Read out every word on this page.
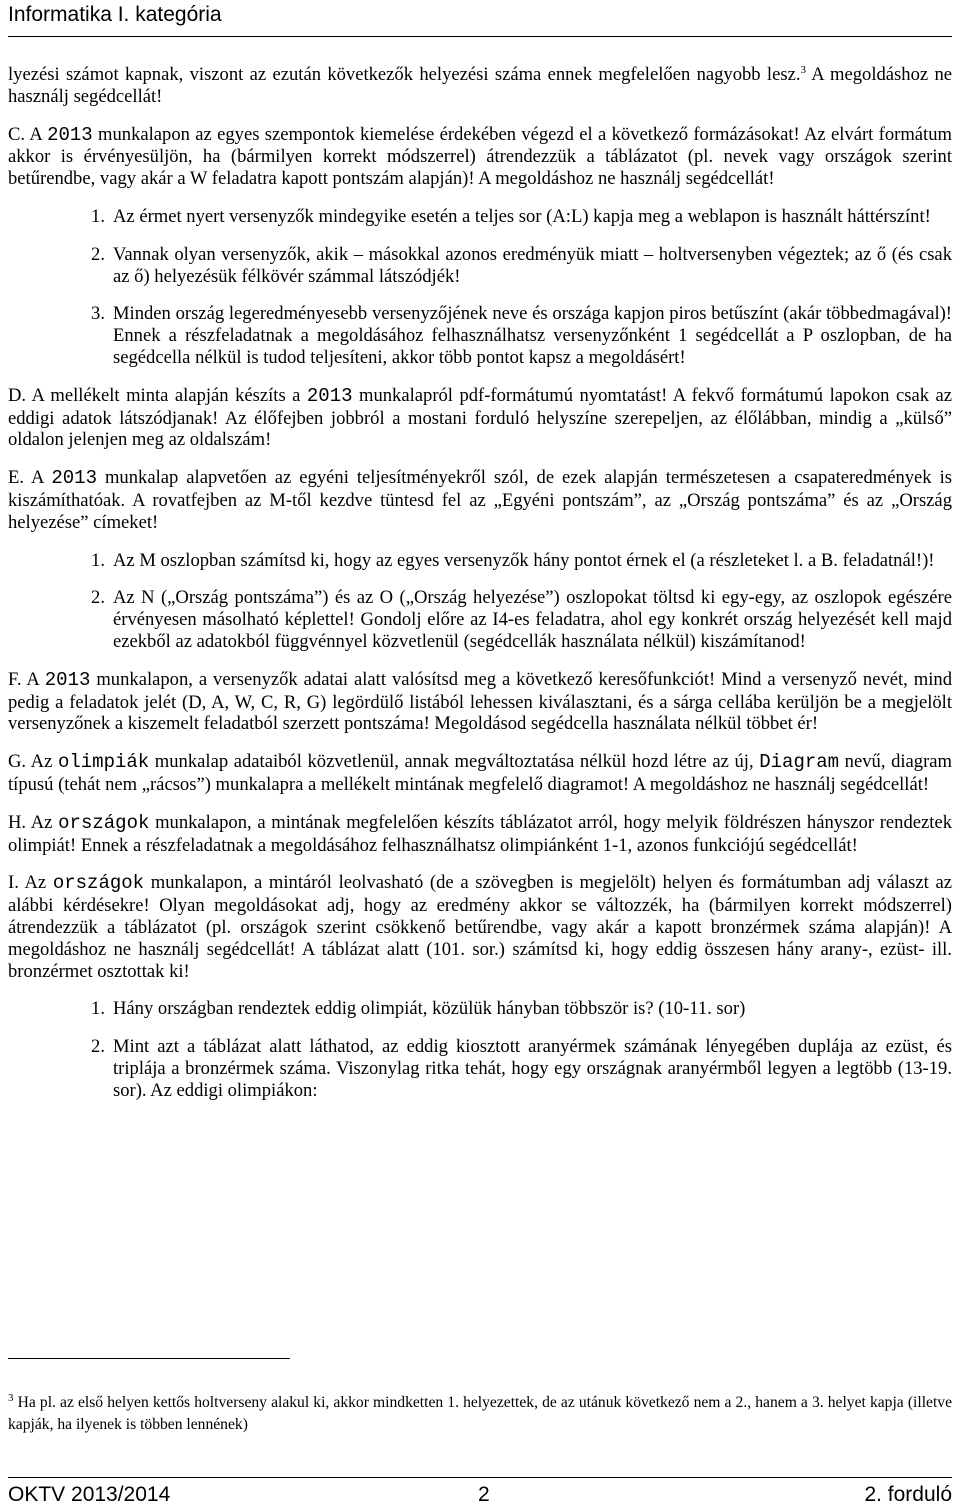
Informatika I. kategória

lyezési számot kapnak, viszont az ezután következők helyezési száma ennek megfelelően nagyobb lesz.$^3$ A megoldáshoz ne használj segédcellát!

C. A 2013 munkalapon az egyes szempontok kiemelése érdekében végezd el a következő formázásokat! Az elvárt formátum akkor is érvényesüljön, ha (bármilyen korrekt módszerrel) átrendezzük a táblázatot (pl. nevek vagy országok szerint betűrendbe, vagy akár a W feladatra kapott pontszám alapján)! A megoldáshoz ne használj segédcellát!

1. Az érmet nyert versenyzők mindegyike esetén a teljes sor (A:L) kapja meg a weblapon is használt háttérszínt!
2. Vannak olyan versenyzők, akik – másokkal azonos eredményük miatt – holtversenyben végeztek; az ő (és csak az ő) helyezésük félkövér számmal látszódjék!
3. Minden ország legeredményesebb versenyzőjének neve és országa kapjon piros betűszínt (akár többedmagával)! Ennek a részfeladatnak a megoldásához felhasználhatsz versenyzőnként 1 segédcellát a P oszlopban, de ha segédcella nélkül is tudod teljesíteni, akkor több pontot kapsz a megoldásért!

D. A mellékelt minta alapján készíts a 2013 munkalapról pdf-formátumú nyomtatást! A fekvő formátumú lapokon csak az eddigi adatok látszódjanak! Az élőfejben jobbról a mostani forduló helyszíne szerepeljen, az élőlábban, mindig a „külső” oldalon jelenjen meg az oldalszám!

E. A 2013 munkalap alapvetően az egyéni teljesítményekről szól, de ezek alapján természetesen a csapateredmények is kiszámíthatóak. A rovatfejben az M-től kezdve tüntesd fel az „Egyéni pontszám”, az „Ország pontszáma” és az „Ország helyezése” címeket!

1. Az M oszlopban számítsd ki, hogy az egyes versenyzők hány pontot érnek el (a részleteket l. a B. feladatnál!)!
2. Az N („Ország pontszáma”) és az O („Ország helyezése”) oszlopokat töltsd ki egy-egy, az oszlopok egészére érvényesen másolható képlettel! Gondolj előre az I4-es feladatra, ahol egy konkrét ország helyezését kell majd ezekből az adatokból függvénnyel közvetlenül (segédcellák használata nélkül) kiszámítanod!

F. A 2013 munkalapon, a versenyzők adatai alatt valósítsd meg a következő keresőfunkciót! Mind a versenyző nevét, mind pedig a feladatok jelét (D, A, W, C, R, G) legördülő listából lehessen kiválasztani, és a sárga cellába kerüljön be a megjelölt versenyzőnek a kiszemelt feladatból szerzett pontszáma! Megoldásod segédcella használata nélkül többet ér!

G. Az olimpiák munkalap adataiból közvetlenül, annak megváltoztatása nélkül hozd létre az új, Diagram nevű, diagram típusú (tehát nem „rácsos”) munkalapra a mellékelt mintának megfelelő diagramot! A megoldáshoz ne használj segédcellát!

H. Az országok munkalapon, a mintának megfelelően készíts táblázatot arról, hogy melyik földrészen hányszor rendeztek olimpiát! Ennek a részfeladatnak a megoldásához felhasználhatsz olimpiánként 1-1, azonos funkciójú segédcellát!

I. Az országok munkalapon, a mintáról leolvasható (de a szövegben is megjelölt) helyen és formátumban adj választ az alábbi kérdésekre! Olyan megoldásokat adj, hogy az eredmény akkor se változzék, ha (bármilyen korrekt módszerrel) átrendezzük a táblázatot (pl. országok szerint csökkenő betűrendbe, vagy akár a kapott bronzérmek száma alapján)! A megoldáshoz ne használj segédcellát! A táblázat alatt (101. sor.) számítsd ki, hogy eddig összesen hány arany-, ezüst- ill. bronzérmet osztottak ki!

1. Hány országban rendeztek eddig olimpiát, közülük hányban többször is? (10-11. sor)
2. Mint azt a táblázat alatt láthatod, az eddig kiosztott aranyérmek számának lényegében duplája az ezüst, és triplája a bronzérmek száma. Viszonylag ritka tehát, hogy egy országnak aranyérmből legyen a legtöbb (13-19. sor). Az eddigi olimpiákon:
$^3$ Ha pl. az első helyen kettős holtverseny alakul ki, akkor mindketten 1. helyezettek, de az utánuk következő nem a 2., hanem a 3. helyet kapja (illetve kapják, ha ilyenek is többen lennének)
OKTV 2013/2014	2	2. forduló
